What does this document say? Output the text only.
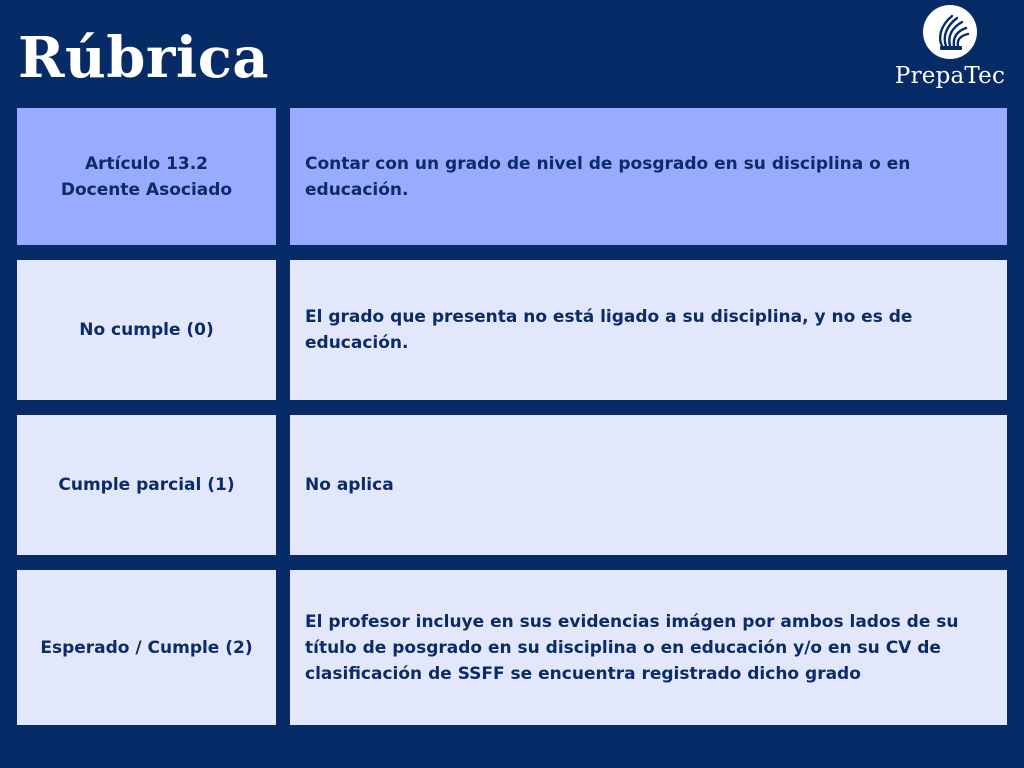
Rúbrica	PrepaTec
Artículo 13.2
Docente Asociado
Contar con un grado de nivel de posgrado en su disciplina o en educación.
No cumple (0)
El grado que presenta no está ligado a su disciplina, y no es de educación.
Cumple parcial (1)	No aplica
Esperado / Cumple (2)
El profesor incluye en sus evidencias imágen por ambos lados de su título de posgrado en su disciplina o en educación y/o en su CV de clasificación de SSFF se encuentra registrado dicho grado
